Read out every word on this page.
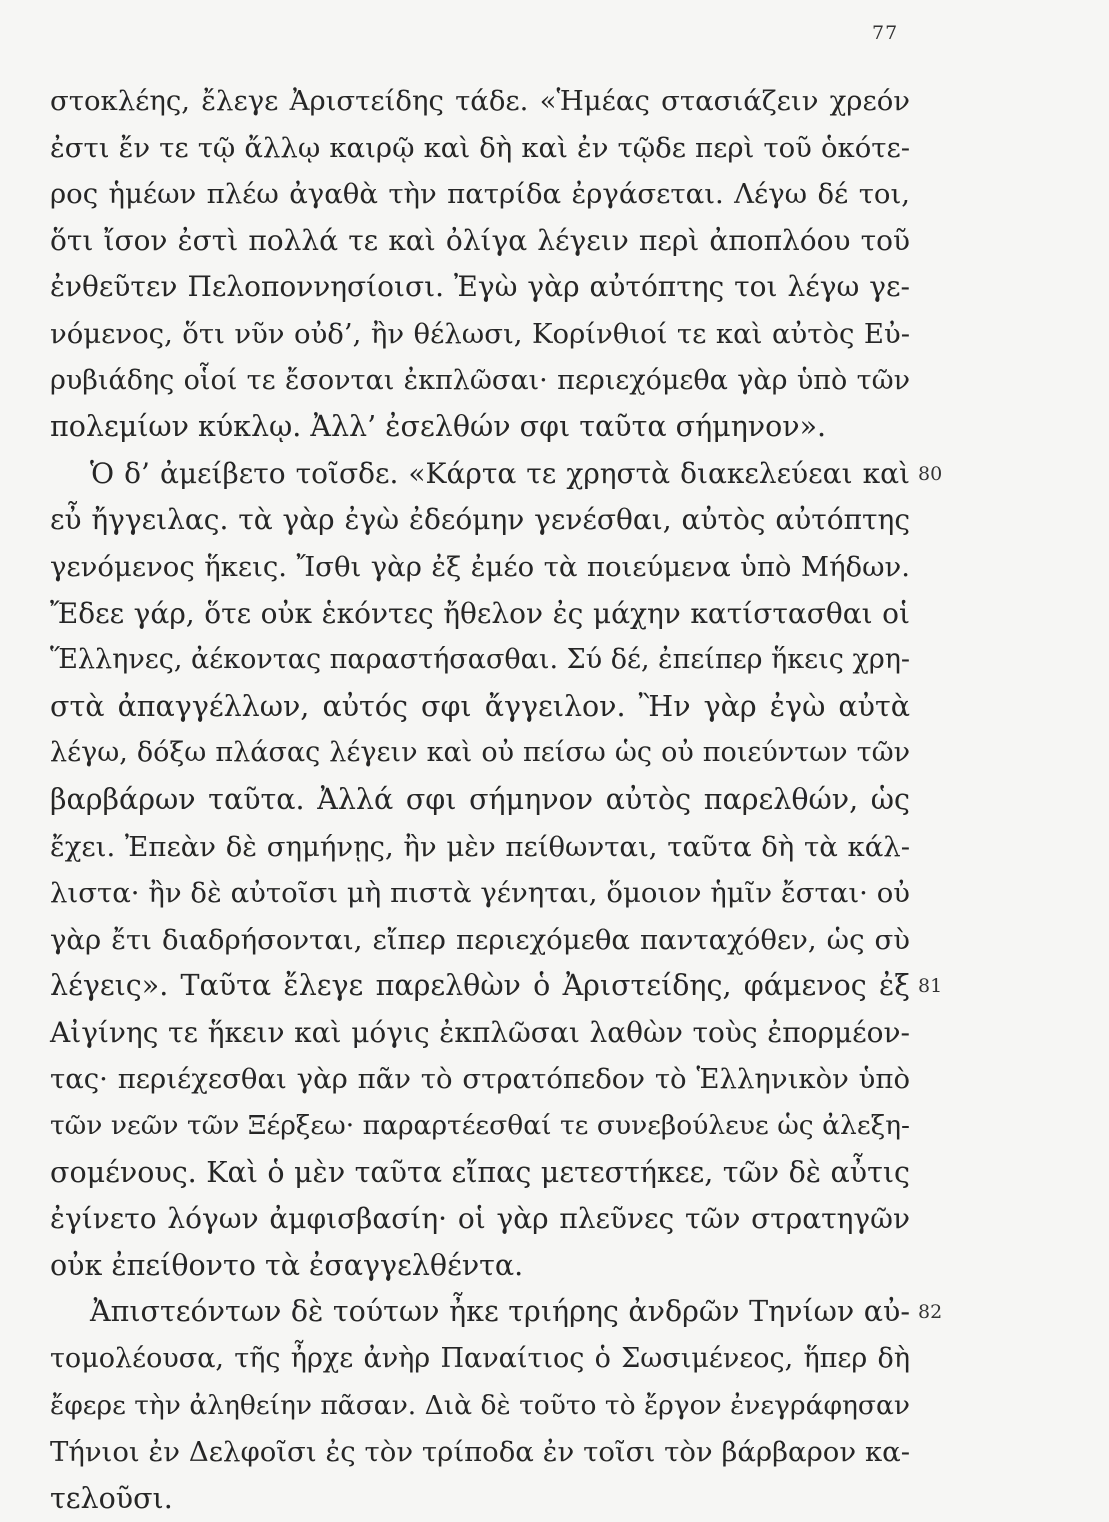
77
στοκλέης, ἔλεγε Ἀριστείδης τάδε. «Ἡμέας στασιάζειν χρεόν
ἐστι ἔν τε τῷ ἄλλῳ καιρῷ καὶ δὴ καὶ ἐν τῷδε περὶ τοῦ ὁκότε-
ρος ἡμέων πλέω ἀγαθὰ τὴν πατρίδα ἐργάσεται. Λέγω δέ τοι,
ὅτι ἴσον ἐστὶ πολλά τε καὶ ὀλίγα λέγειν περὶ ἀποπλόου τοῦ
ἐνθεῦτεν Πελοποννησίοισι. Ἐγὼ γὰρ αὐτόπτης τοι λέγω γε-
νόμενος, ὅτι νῦν οὐδ’, ἢν θέλωσι, Κορίνθιοί τε καὶ αὐτὸς Εὐ-
ρυβιάδης οἷοί τε ἔσονται ἐκπλῶσαι· περιεχόμεθα γὰρ ὑπὸ τῶν
πολεμίων κύκλῳ. Ἀλλ’ ἐσελθών σφι ταῦτα σήμηνον».
Ὁ δ’ ἀμείβετο τοῖσδε. «Κάρτα τε χρηστὰ διακελεύεαι καὶ 80
εὖ ἤγγειλας. τὰ γὰρ ἐγὼ ἐδεόμην γενέσθαι, αὐτὸς αὐτόπτης
γενόμενος ἥκεις. Ἴσθι γὰρ ἐξ ἐμέο τὰ ποιεύμενα ὑπὸ Μήδων.
Ἔδεε γάρ, ὅτε οὐκ ἑκόντες ἤθελον ἐς μάχην κατίστασθαι οἱ
Ἕλληνες, ἀέκοντας παραστήσασθαι. Σύ δέ, ἐπείπερ ἥκεις χρη-
στὰ ἀπαγγέλλων, αὐτός σφι ἄγγειλον. Ἢν γὰρ ἐγὼ αὐτὰ
λέγω, δόξω πλάσας λέγειν καὶ οὐ πείσω ὡς οὐ ποιεύντων τῶν
βαρβάρων ταῦτα. Ἀλλά σφι σήμηνον αὐτὸς παρελθών, ὡς
ἔχει. Ἐπεὰν δὲ σημήνῃς, ἢν μὲν πείθωνται, ταῦτα δὴ τὰ κάλ-
λιστα· ἢν δὲ αὐτοῖσι μὴ πιστὰ γένηται, ὅμοιον ἡμῖν ἔσται· οὐ
γὰρ ἔτι διαδρήσονται, εἴπερ περιεχόμεθα πανταχόθεν, ὡς σὺ
λέγεις». Ταῦτα ἔλεγε παρελθὼν ὁ Ἀριστείδης, φάμενος ἐξ 81
Αἰγίνης τε ἥκειν καὶ μόγις ἐκπλῶσαι λαθὼν τοὺς ἐπορμέον-
τας· περιέχεσθαι γὰρ πᾶν τὸ στρατόπεδον τὸ Ἑλληνικὸν ὑπὸ
τῶν νεῶν τῶν Ξέρξεω· παραρτέεσθαί τε συνεβούλευε ὡς ἀλεξη-
σομένους. Καὶ ὁ μὲν ταῦτα εἴπας μετεστήκεε, τῶν δὲ αὖτις
ἐγίνετο λόγων ἀμφισβασίη· οἱ γὰρ πλεῦνες τῶν στρατηγῶν
οὐκ ἐπείθοντο τὰ ἐσαγγελθέντα.
Ἀπιστεόντων δὲ τούτων ἦκε τριήρης ἀνδρῶν Τηνίων αὐ- 82
τομολέουσα, τῆς ἦρχε ἀνὴρ Παναίτιος ὁ Σωσιμένεος, ἥπερ δὴ
ἔφερε τὴν ἀληθείην πᾶσαν. Διὰ δὲ τοῦτο τὸ ἔργον ἐνεγράφησαν
Τήνιοι ἐν Δελφοῖσι ἐς τὸν τρίποδα ἐν τοῖσι τὸν βάρβαρον κα-
τελοῦσι.
